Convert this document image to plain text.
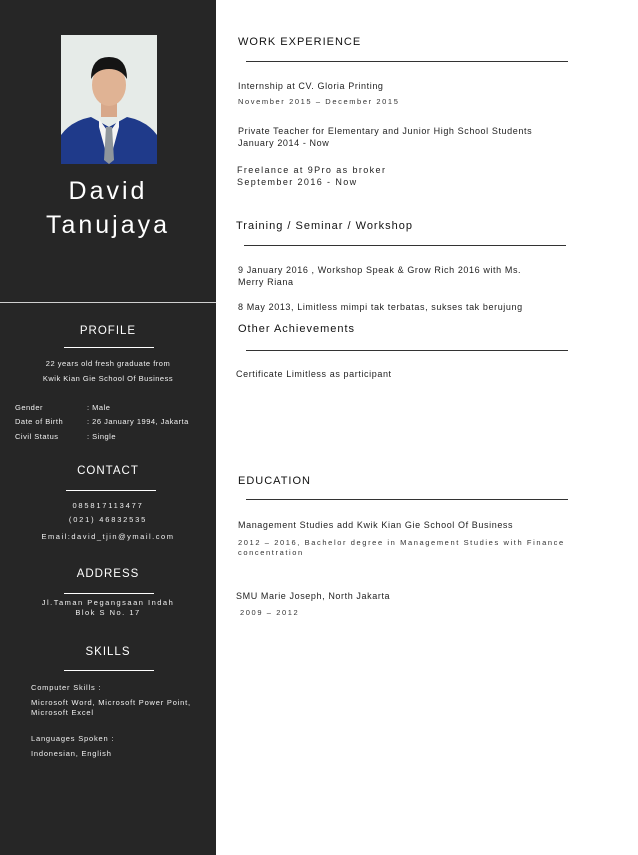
David
Tanujaya
PROFILE
22 years old fresh graduate from
Kwik Kian Gie School Of Business
Gender	: Male
Date of Birth	: 26 January 1994, Jakarta
Civil Status	: Single
CONTACT
085817113477
(021) 46832535
Email:david_tjin@ymail.com
ADDRESS
Jl.Taman Pegangsaan Indah
Blok S No. 17
SKILLS
Computer Skills :
Microsoft Word, Microsoft Power Point,
Microsoft Excel
Languages Spoken :
Indonesian, English
WORK EXPERIENCE
Internship at CV. Gloria Printing
November 2015 – December 2015
Private Teacher for Elementary and Junior High School Students
January 2014 - Now
Freelance at 9Pro as broker
September 2016 - Now
Training / Seminar / Workshop
9 January 2016 , Workshop Speak & Grow Rich 2016 with Ms.
Merry Riana
8 May 2013, Limitless mimpi tak terbatas, sukses tak berujung
Other Achievements
Certificate Limitless as participant
EDUCATION
Management Studies add Kwik Kian Gie School Of Business
2012 – 2016, Bachelor degree in Management Studies with Finance
concentration
SMU Marie Joseph, North Jakarta
2009 – 2012
